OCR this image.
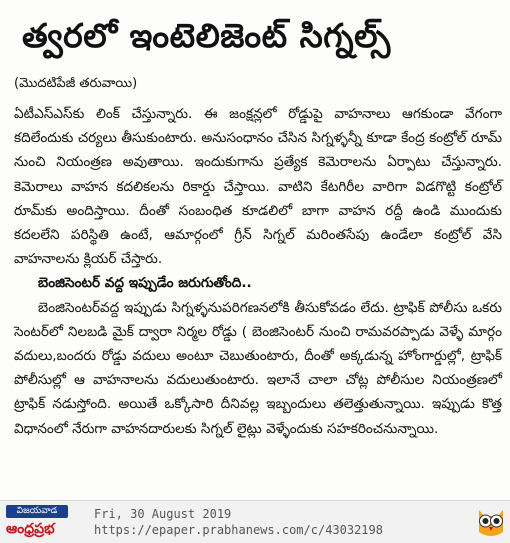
త్వరలో ఇంటెలిజెంట్ సిగ్నల్స్
(మొదటిపేజీ తరువాయి)

ఏటీఎస్‌ఎస్‌కు లింక్ చేస్తున్నారు. ఈ జంక్షన్లలో రోడ్డుపై వాహనాలు ఆగకుండా వేగంగా కదిలేందుకు చర్యలు తీసుకుంటారు. అనుసంధానం చేసిన సిగ్నళ్ళన్నీ కూడా కేంద్ర కంట్రోల్ రూమ్ నుంచి నియంత్రణ అవుతాయి. ఇందుకుగాను ప్రత్యేక కెమెరాలను ఏర్పాటు చేస్తున్నారు. కెమెరాలు వాహన కదలికలను రికార్డు చేస్తాయి. వాటిని కేటగిరీల వారిగా విడగొట్టి కంట్రోల్ రూమ్‌కు అందిస్తాయి. దీంతో సంబంధిత కూడలిలో బాగా వాహన రద్దీ ఉండి ముందుకు కదలలేని పరిస్థితి ఉంటే, ఆమార్గంలో గ్రీన్ సిగ్నల్ మరింతసేపు ఉండేలా కంట్రోల్ వేసి వాహనాలను క్లియర్ చేస్తారు.

బెంజిసెంటర్ వద్ద ఇప్పుడేం జరుగుతోంది..

బెంజిసెంటర్‌వద్ద ఇప్పుడు సిగ్నళ్ళనుపరిగణనలోకి తీసుకోవడం లేదు. ట్రాఫిక్ పోలీసు ఒకరు సెంటర్‌లో నిలబడి మైక్ ద్వారా నిర్మల రోడ్డు ( బెంజిసెంటర్ నుంచి రామవరప్పాడు వెళ్ళే మార్గం వదులు,బందరు రోడ్డు వదులు అంటూ చెబుతుంటారు, దీంతో అక్కడున్న హోంగార్డుల్లో, ట్రాఫిక్ పోలీసుల్లో ఆ వాహనాలను వదులుతుంటారు. ఇలానే చాలా చోట్ల పోలీసుల నియంత్రణలో ట్రాఫిక్ నడుస్తోంది. అయితే ఒక్కోసారి దీనివల్ల ఇబ్బందులు తలెత్తుతున్నాయి. ఇప్పుడు కొత్త విధానంలో నేరుగా వాహనదారులకు సిగ్నల్ లైట్లు వెళ్ళేందుకు సహకరించనున్నాయి.

విజయవాడ
ఆంధ్రప్రభ
Fri, 30 August 2019
https://epaper.prabhanews.com/c/43032198
